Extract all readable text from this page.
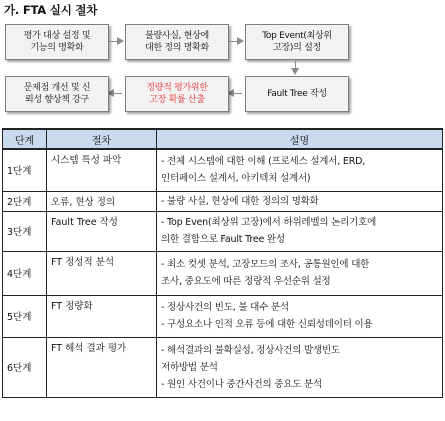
가. FTA 실시 절차
평가 대상 설정 및
기능의 명확화
불량사실, 현상에
대한 정의 명확화
Top Event(최상위
고장)의 설정
Fault Tree 작성
정량적 평가위한
고장 확률 산출
문제점 개선 및 신
뢰성 향상책 강구
단계	절차	설명
1단계	시스템 특성 파악	- 전체 시스템에 대한 이해 (프로세스 설계서, ERD,
인터페이스 설계서, 아키텍처 설계서)

2단계	오류, 현상 정의	- 불량 사실, 현상에 대한 정의의 명확화

3단계	Fault Tree 작성	- Top Even(최상위 고장)에서 하위레벨의 논리기호에
의한 결합으로 Fault Tree 완성

4단계	FT 정성적 분석	- 최소 컷셋 분석, 고장모드의 조사, 공통원인에 대한
조사, 중요도에 따른 정량적 우선순위 설정

5단계	FT 정량화	- 정상사건의 빈도, 불 대수 분석
- 구성요소나 인적 오류 등에 대한 신뢰성데이터 이용

6단계	FT 해석 결과 평가	- 해석결과의 불확실성, 정상사건의 발생빈도
저하방법 분석
- 원인 사건이나 중간사건의 중요도 분석
